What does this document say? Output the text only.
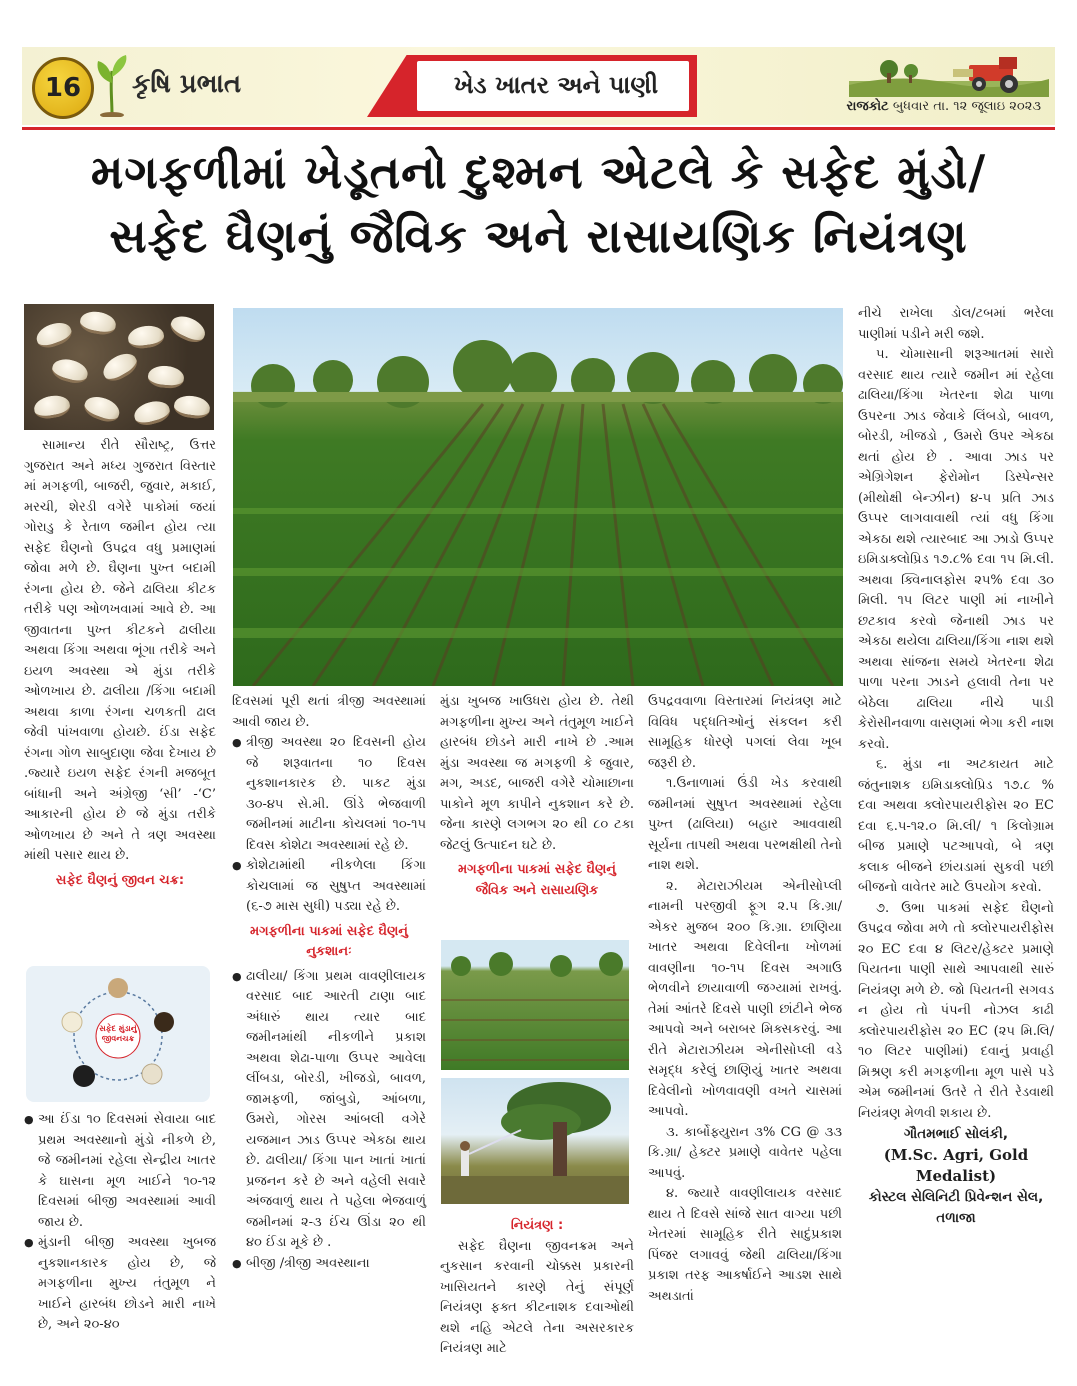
16	કૃષિ પ્રભાત	ખેડ ખાતર અને પાણી
રાજકોટ બુધવાર તા. ૧૨ જૂલાઇ ૨૦૨૩
મગફળીમાં ખેડૂતનો દુશ્મન એટલે કે સફેદ મુંડો/
સફેદ ઘૈણનું જૈવિક અને રાસાયણિક નિયંત્રણ
સફેદ મુંડાનું જીવનચક્ર

સામાન્ય રીતે સૌરાષ્ટ્ર, ઉત્તર ગુજરાત અને મધ્ય ગુજરાત વિસ્તાર માં મગફળી, બાજરી, જુવાર, મકાઈ, મરચી, શેરડી વગેરે પાકોમાં જયાં ગોરાડુ કે રેતાળ જમીન હોય ત્યા સફેદ ઘૈણનો ઉપદ્રવ વધુ પ્રમાણમાં જોવા મળે છે. ઘૈણના પુખ્ત બદામી રંગના હોય છે. જેને ઢાલિયા કીટક તરીકે પણ ઓળખવામાં આવે છે. આ જીવાતના પુખ્ત કીટકને ઢાલીયા અથવા કિંગા અથવા ભૂંગા તરીકે અને ઇયળ અવસ્થા એ મુંડા તરીકે ઓળખાય છે. ઢાલીયા /કિંગા બદામી અથવા કાળા રંગના ચળકતી ઢાલ જેવી પાંખવાળા હોયછે. ઈંડા સફેદ રંગના ગોળ સાબુદાણા જેવા દેખાય છે .જ્યારે ઇયળ સફેદ રંગની મજબૂત બાંધાની અને અંગ્રેજી ‘સી’ -‘C’ આકારની હોય છે જે મુંડા તરીકે ઓળખાય છે અને તે ત્રણ અવસ્થા માંથી પસાર થાય છે.

સફેદ ઘૈણનું જીવન ચક્ર:

● આ ઈંડા ૧૦ દિવસમાં સેવાયા બાદ પ્રથમ અવસ્થાનો મુંડો નીકળે છે, જે જમીનમાં રહેલા સેન્દ્રીય ખાતર કે ઘાસના મૂળ ખાઈને ૧૦-૧૨ દિવસમાં બીજી અવસ્થામાં આવી જાય છે.

● મુંડાની બીજી અવસ્થા ખુબજ નુકશાનકારક હોય છે, જે મગફળીના મુખ્ય તંતુમૂળ ને ખાઈને હારબંધ છોડને મારી નાખે છે, અને ૨૦-૪૦

દિવસમાં પૂરી થતાં ત્રીજી અવસ્થામાં આવી જાય છે.

● ત્રીજી અવસ્થા ૨૦ દિવસની હોય જે શરૂવાતના ૧૦ દિવસ નુકશાનકારક છે. પાકટ મુંડા ૩૦-૪૫ સે.મી. ઊંડે ભેજવાળી જમીનમાં માટીના કોચલમાં ૧૦-૧૫ દિવસ કોશેટા અવસ્થામાં રહે છે.

● કોશેટામાંથી નીકળેલા કિંગા કોચલામાં જ સુષુપ્ત અવસ્થામાં (૬-૭ માસ સુધી) પડ્યા રહે છે.

મગફળીના પાકમાં સફેદ ઘૈણનું નુકશાનઃ

● ઢાલીયા/ કિંગા પ્રથમ વાવણીલાયક વરસાદ બાદ આરતી ટાણા બાદ અંધારું થાય ત્યાર બાદ જમીનમાંથી નીકળીને પ્રકાશ અથવા શેઢા-પાળા ઉપ્પર આવેલા લીંબડા, બોરડી, ખીજડો, બાવળ, જામફળી, જાંબુડો, આંબળા, ઉમરો, ગોરસ આંબલી વગેરે યજમાન ઝાડ ઉપ્પર એકઠા થાય છે. ઢાલીયા/ કિંગા પાન ખાતાં ખાતાં પ્રજનન કરે છે અને વહેલી સવારે અંજવાળું થાય તે પહેલા ભેજવાળું જમીનમાં ૨-૩ ઈંચ ઊંડા ૨૦ થી ૪૦ ઈંડા મૂકે છે .

● બીજી /ત્રીજી અવસ્થાના

મુંડા ખુબજ ખાઉધરા હોય છે. તેથી મગફળીના મુખ્ય અને તંતુમૂળ ખાઈને હારબંધ છોડને મારી નાખે છે .આમ મુંડા અવસ્થા જ મગફળી કે જુવાર, મગ, અડદ, બાજરી વગેરે ચોમાછાના પાકોને મૂળ કાપીને નુકશાન કરે છે. જેના કારણે લગભગ ૨૦ થી ૮૦ ટકા જેટલું ઉત્પાદન ઘટે છે.

મગફળીના પાકમાં સફેદ ઘૈણનું જૈવિક અને રાસાયણિક

નિયંત્રણ :

સફેદ ઘૈણના જીવનક્રમ અને નુકસાન કરવાની ચોક્કસ પ્રકારની ખાસિયતને કારણે તેનું સંપૂર્ણ નિયંત્રણ ફક્ત કીટનાશક દવાઓથી થશે નહિ એટલે તેના અસરકારક નિયંત્રણ માટે

ઉપદ્રવવાળા વિસ્તારમાં નિયંત્રણ માટે વિવિધ પદ્ધતિઓનું સંકલન કરી સામૂહિક ધોરણે પગલાં લેવા ખૂબ જરૂરી છે.

૧.ઉનાળામાં ઉંડી ખેડ કરવાથી જમીનમાં સુષુપ્ત અવસ્થામાં રહેલા પુખ્ત (ઢાલિયા) બહાર આવવાથી સૂર્યના તાપથી અથવા પરભક્ષીથી તેનો નાશ થશે.

૨. મેટારાઝીયમ એનીસોપ્લી નામની પરજીવી ફૂગ ૨.૫ કિ.ગ્રા/એકર મુજબ ૨૦૦ કિ.ગ્રા. છાણિયા ખાતર અથવા દિવેલીના ખોળમાં વાવણીના ૧૦-૧૫ દિવસ અગાઉ ભેળવીને છાયાવાળી જગ્યામાં રાખવું. તેમાં આંતરે દિવસે પાણી છાંટીને ભેજ આપવો અને બરાબર મિક્સકરવું. આ રીતે મેટારાઝીયમ એનીસોપ્લી વડે સમૃદ્ધ કરેલું છાણિયું ખાતર અથવા દિવેલીનો ખોળવાવણી વખતે ચાસમાં આપવો.

૩. કાર્બોફ્યુરાન ૩% CG @ ૩૩ કિ.ગ્રા/ હેક્ટર પ્રમાણે વાવેતર પહેલા આપવું.

૪. જ્યારે વાવણીલાયક વરસાદ થાય તે દિવસે સાંજે સાત વાગ્યા પછી ખેતરમાં સામૂહિક રીતે સાદુંપ્રકાશ પિંજર લગાવવું જેથી ઢાલિયા/કિંગા પ્રકાશ તરફ આકર્ષાઈને આડશ સાથે અથડાતાં

નીચે રાખેલા ડોલ/ટબમાં ભરેલા પાણીમાં પડીને મરી જશે.

૫. ચોમાસાની શરૂઆતમાં સારો વરસાદ થાય ત્યારે જમીન માં રહેલા ઢાલિયા/કિંગા ખેતરના શેઢા પાળા ઉપરના ઝાડ જેવાકે લિંબડો, બાવળ, બોરડી, ખીજડો , ઉમરો ઉપર એકઠા થતાં હોય છે . આવા ઝાડ પર એગ્રિગેશન ફેરોમોન ડિસ્પેન્સર (મીથોક્ષી બેન્ઝીન) ૪-૫ પ્રતિ ઝાડ ઉપ્પર લાગવાવાથી ત્યાં વધુ કિંગા એકઠા થશે ત્યારબાદ આ ઝાડો ઉપ્પર ઇમિડાક્લોપ્રિડ ૧૭.૮% દવા ૧૫ મિ.લી. અથવા ક્વિનાલફોસ ૨૫% દવા ૩૦ મિલી. ૧૫ લિટર પાણી માં નાખીને છટકાવ કરવો જેનાથી ઝાડ પર એકઠા થયેલા ઢાલિયા/કિંગા નાશ થશે અથવા સાંજના સમયે ખેતરના શેઢા પાળા પરના ઝાડને હલાવી તેના પર બેઠેલા ઢાલિયા નીચે પાડી કેરોસીનવાળા વાસણમાં ભેગા કરી નાશ કરવો.

૬. મુંડા ના અટકાયત માટે જંતુનાશક ઇમિડાક્લોપ્રિડ ૧૭.૮ % દવા અથવા ક્લોરપાયરીફોસ ૨૦ EC દવા ૬.૫-૧૨.૦ મિ.લી/ ૧ કિલોગ્રામ બીજ પ્રમાણે પટઆપવો, બે ત્રણ કલાક બીજને છાંયડામાં સુકવી પછી બીજનો વાવેતર માટે ઉપયોગ કરવો.

૭. ઉભા પાકમાં સફેદ ઘૈણનો ઉપદ્રવ જોવા મળે તો ક્લોરપાયરીફોસ ૨૦ EC દવા ૪ લિટર/હેક્ટર પ્રમાણે પિયતના પાણી સાથે આપવાથી સારું નિયંત્રણ મળે છે. જો પિયતની સગવડ ન હોય તો પંપની નોઝલ કાઢી ક્લોરપાયરીફોસ ૨૦ EC (૨૫ મિ.લિ/૧૦ લિટર પાણીમાં) દવાનું પ્રવાહી મિશ્રણ કરી મગફળીના મૂળ પાસે પડે એમ જમીનમાં ઉતરે તે રીતે રેડવાથી નિયંત્રણ મેળવી શકાય છે.

ગૌતમભાઈ સોલંકી,
(M.Sc. Agri, Gold Medalist)
કોસ્ટલ સેલિનિટી પ્રિવેન્શન સેલ, તળાજા
